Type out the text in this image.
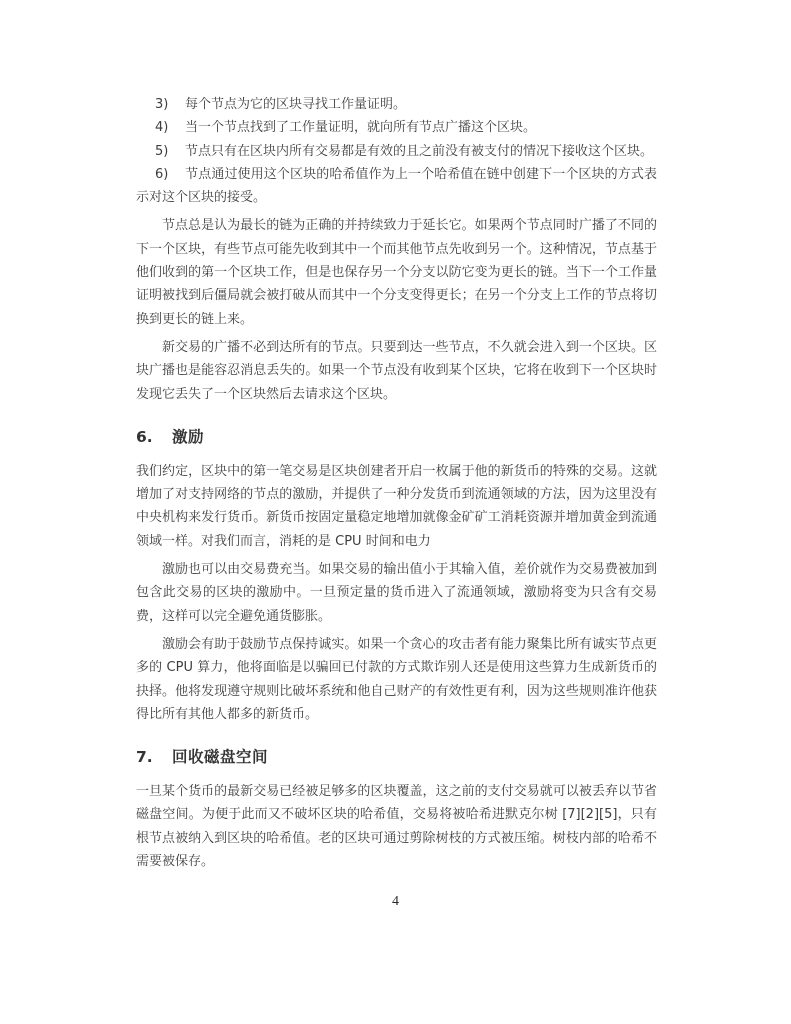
3) 每个节点为它的区块寻找工作量证明。

4) 当一个节点找到了工作量证明，就向所有节点广播这个区块。

5) 节点只有在区块内所有交易都是有效的且之前没有被支付的情况下接收这个区块。

6) 节点通过使用这个区块的哈希值作为上一个哈希值在链中创建下一个区块的方式表示对这个区块的接受。

节点总是认为最长的链为正确的并持续致力于延长它。如果两个节点同时广播了不同的下一个区块，有些节点可能先收到其中一个而其他节点先收到另一个。这种情况，节点基于他们收到的第一个区块工作，但是也保存另一个分支以防它变为更长的链。当下一个工作量证明被找到后僵局就会被打破从而其中一个分支变得更长；在另一个分支上工作的节点将切换到更长的链上来。

新交易的广播不必到达所有的节点。只要到达一些节点，不久就会进入到一个区块。区块广播也是能容忍消息丢失的。如果一个节点没有收到某个区块，它将在收到下一个区块时发现它丢失了一个区块然后去请求这个区块。

6. 激励

我们约定，区块中的第一笔交易是区块创建者开启一枚属于他的新货币的特殊的交易。这就增加了对支持网络的节点的激励，并提供了一种分发货币到流通领域的方法，因为这里没有中央机构来发行货币。新货币按固定量稳定地增加就像金矿矿工消耗资源并增加黄金到流通领域一样。对我们而言，消耗的是 CPU 时间和电力

激励也可以由交易费充当。如果交易的输出值小于其输入值，差价就作为交易费被加到包含此交易的区块的激励中。一旦预定量的货币进入了流通领域，激励将变为只含有交易费，这样可以完全避免通货膨胀。

激励会有助于鼓励节点保持诚实。如果一个贪心的攻击者有能力聚集比所有诚实节点更多的 CPU 算力，他将面临是以骗回已付款的方式欺诈别人还是使用这些算力生成新货币的抉择。他将发现遵守规则比破坏系统和他自己财产的有效性更有利，因为这些规则准许他获得比所有其他人都多的新货币。

7. 回收磁盘空间

一旦某个货币的最新交易已经被足够多的区块覆盖，这之前的支付交易就可以被丢弃以节省磁盘空间。为便于此而又不破坏区块的哈希值，交易将被哈希进默克尔树 [7][2][5]，只有根节点被纳入到区块的哈希值。老的区块可通过剪除树枝的方式被压缩。树枝内部的哈希不需要被保存。

4
